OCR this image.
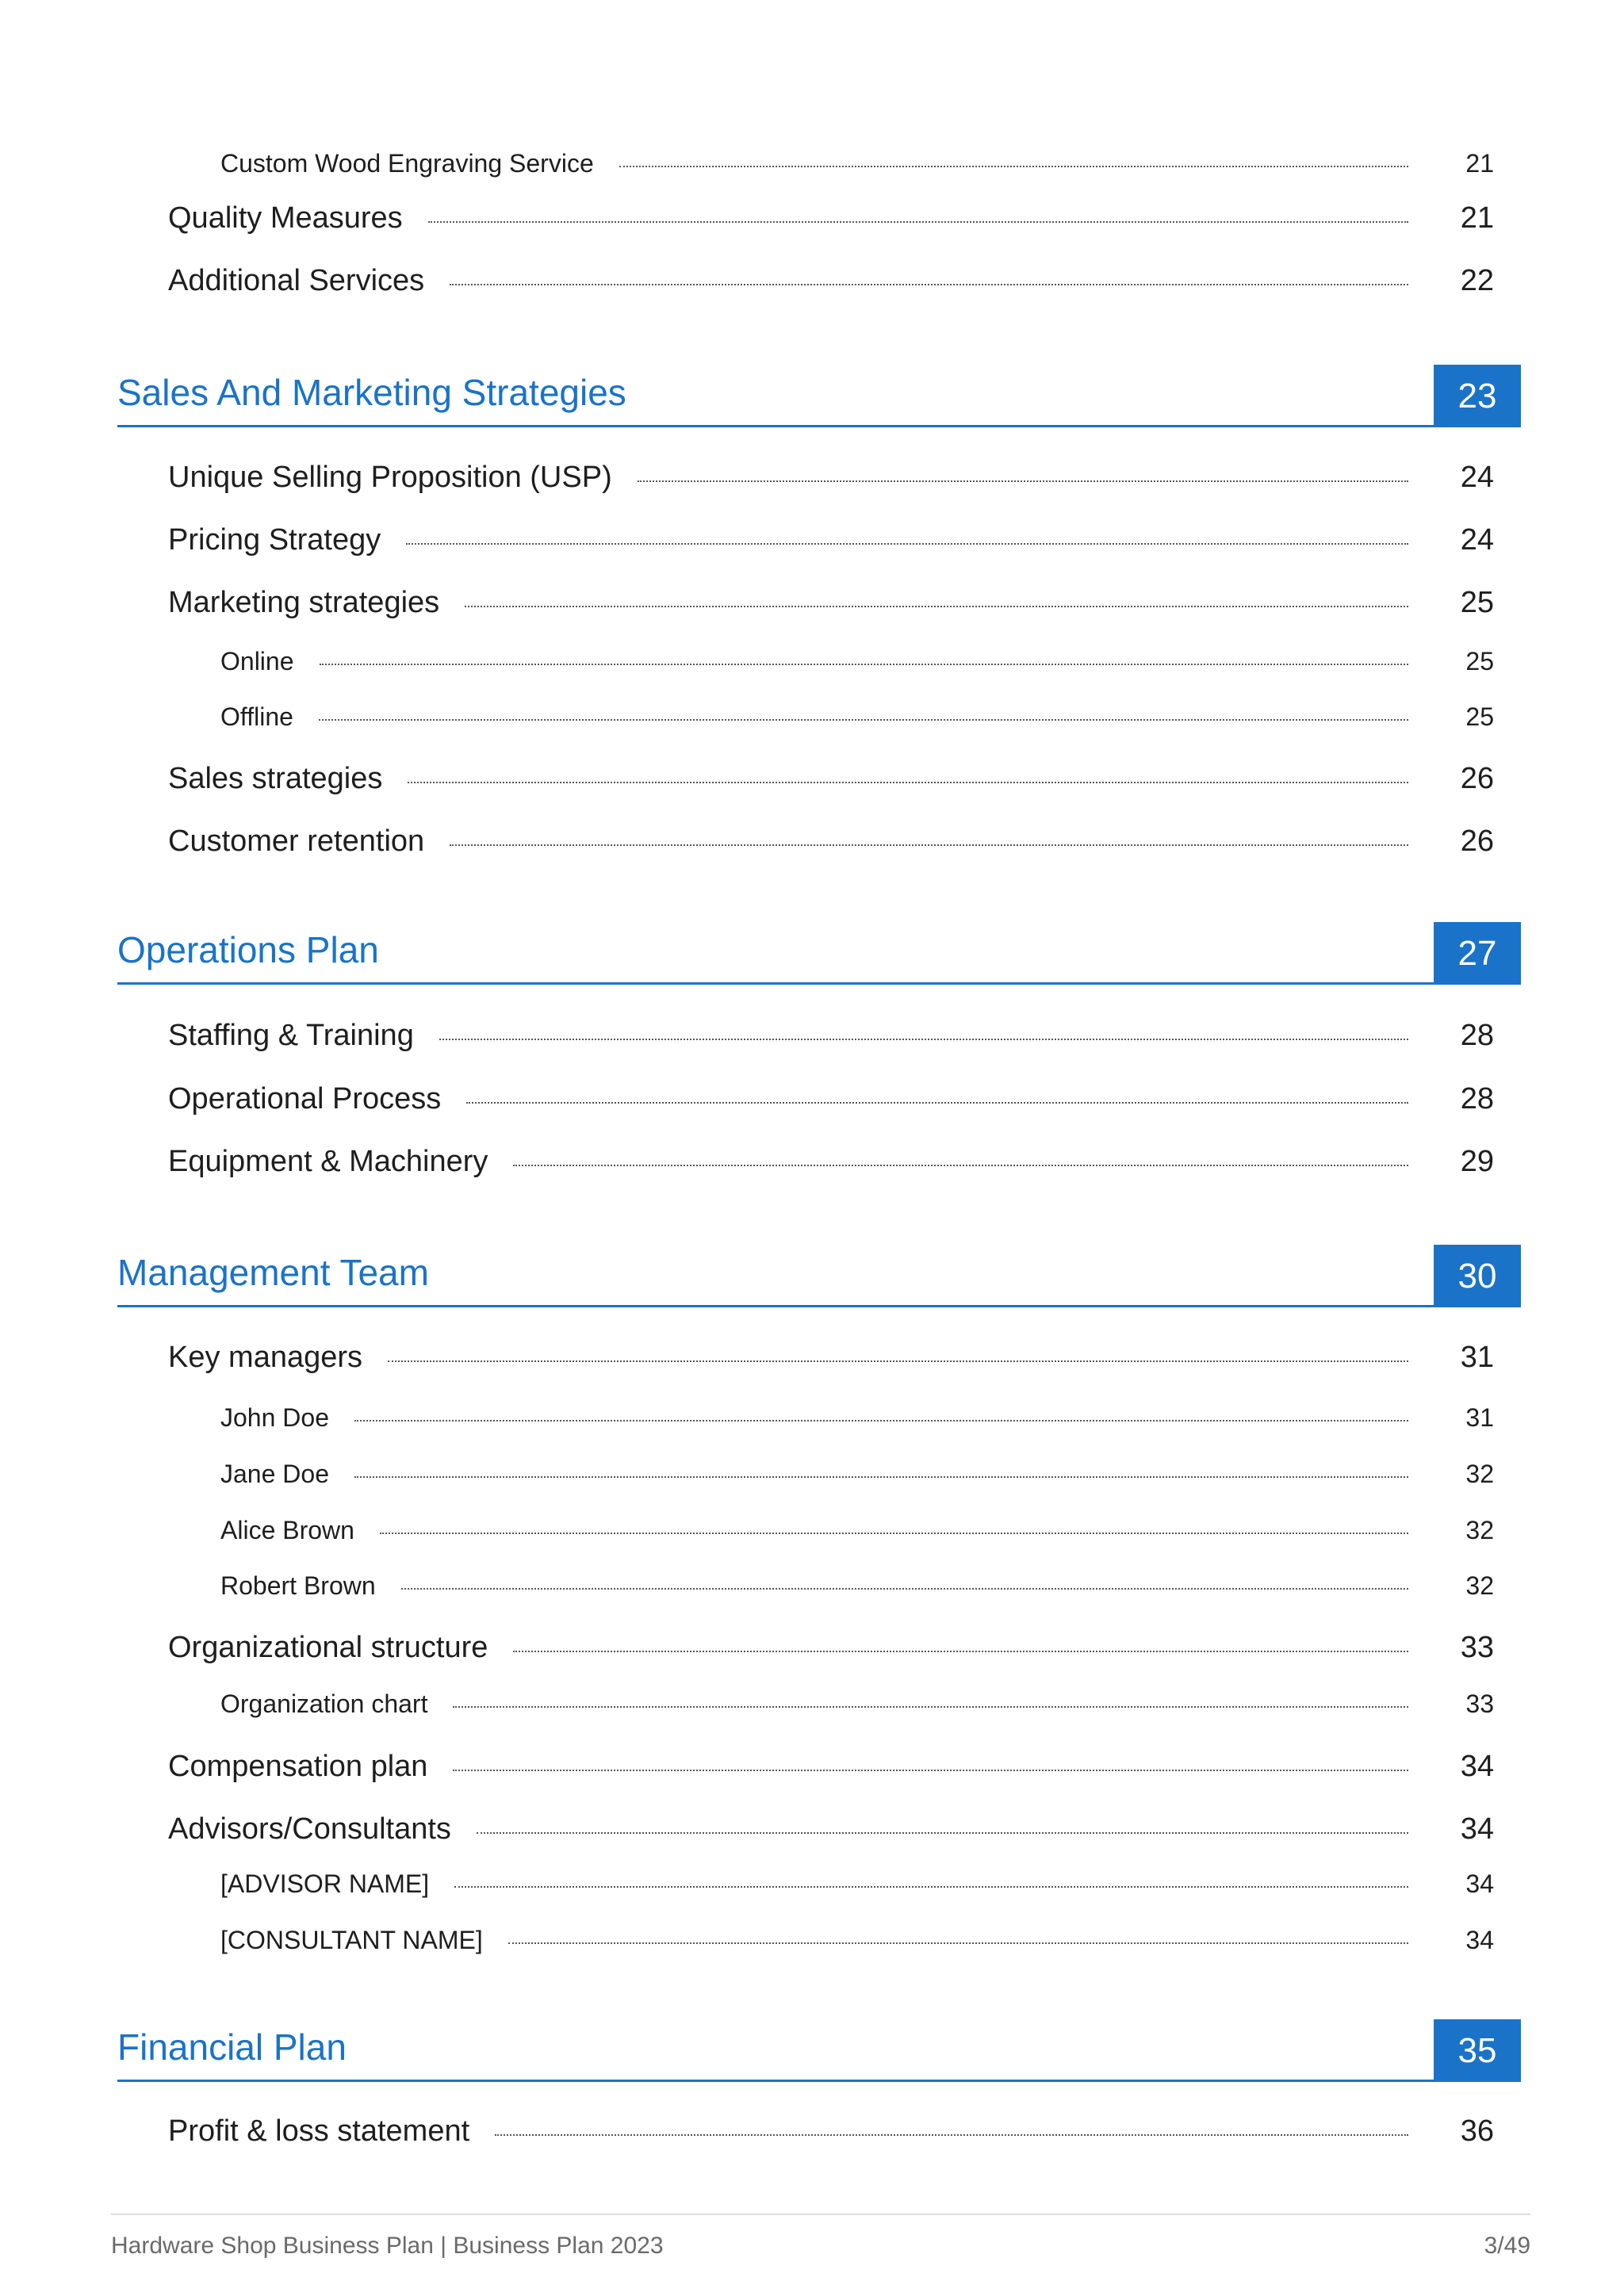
Custom Wood Engraving Service	21
Quality Measures	21
Additional Services	22
Sales And Marketing Strategies	23
Unique Selling Proposition (USP)	24
Pricing Strategy	24
Marketing strategies	25
Online	25
Offline	25
Sales strategies	26
Customer retention	26
Operations Plan	27
Staffing & Training	28
Operational Process	28
Equipment & Machinery	29
Management Team	30
Key managers	31
John Doe	31
Jane Doe	32
Alice Brown	32
Robert Brown	32
Organizational structure	33
Organization chart	33
Compensation plan	34
Advisors/Consultants	34
[ADVISOR NAME]	34
[CONSULTANT NAME]	34
Financial Plan	35
Profit & loss statement	36
Hardware Shop Business Plan | Business Plan 2023	3/49
